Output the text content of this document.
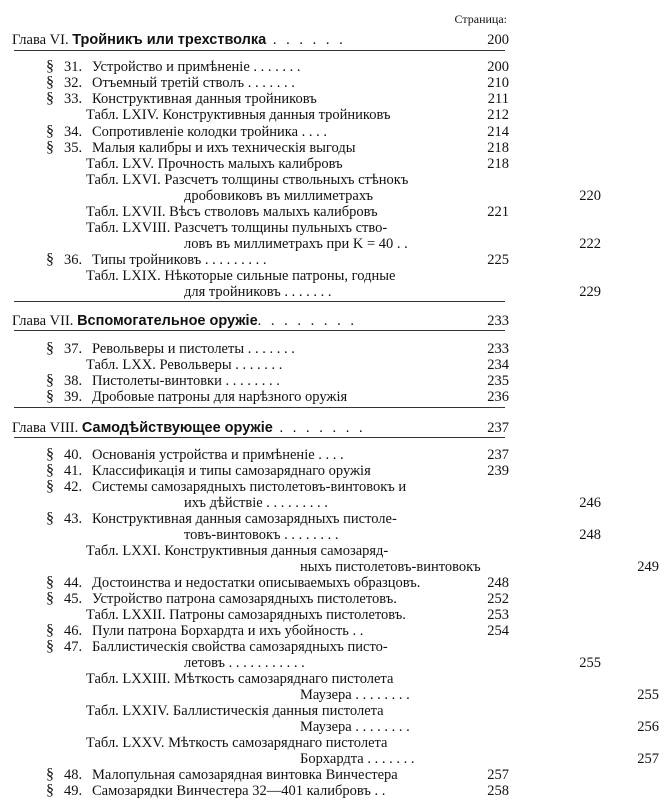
Страница:
Глава VI. Тройникъ или трехстволка . . . . . .	200
§ 31. Устройство и примѣненіе . . . . . . .	200
§ 32. Отъемный третій стволъ . . . . . . .	210
§ 33. Конструктивная данныя тройниковъ	211
Табл. LXIV. Конструктивныя данныя тройниковъ	212
§ 34. Сопротивленіе колодки тройника . . . .	214
§ 35. Малыя калибры и ихъ техническія выгоды	218
Табл. LXV. Прочность малыхъ калибровъ	218
Табл. LXVI. Разсчетъ толщины ствольныхъ стѣнокъ
дробовиковъ въ миллиметрахъ	220
Табл. LXVII. Вѣсъ стволовъ малыхъ калибровъ	221
Табл. LXVIII. Разсчетъ толщины пульныхъ ство-
ловъ въ миллиметрахъ при K = 40 . .	222
§ 36. Типы тройниковъ . . . . . . . . .	225
Табл. LXIX. Нѣкоторые сильные патроны, годные
для тройниковъ . . . . . . .	229
Глава VII. Вспомогательное оружіе. . . . . . . .	233
§ 37. Револьверы и пистолеты . . . . . . .	233
Табл. LXX. Револьверы . . . . . . .	234
§ 38. Пистолеты-винтовки . . . . . . . .	235
§ 39. Дробовые патроны для нарѣзного оружія	236
Глава VIII. Самодѣйствующее оружіе . . . . . . .	237
§ 40. Основанія устройства и примѣненіе . . . .	237
§ 41. Классификація и типы самозаряднаго оружія	239
§ 42. Системы самозарядныхъ пистолетовъ-винтовокъ и
ихъ дѣйствіе . . . . . . . . .	246
§ 43. Конструктивная данныя самозарядныхъ пистоле-
товъ-винтовокъ . . . . . . . .	248
Табл. LXXI. Конструктивныя данныя самозаряд-
ныхъ пистолетовъ-винтовокъ	249
§ 44. Достоинства и недостатки описываемыхъ образцовъ.	248
§ 45. Устройство патрона самозарядныхъ пистолетовъ.	252
Табл. LXXII. Патроны самозарядныхъ пистолетовъ.	253
§ 46. Пули патрона Борхардта и ихъ убойность . .	254
§ 47. Баллистическія свойства самозарядныхъ писто-
летовъ . . . . . . . . . . .	255
Табл. LXXIII. Мѣткость самозаряднаго пистолета
Маузера . . . . . . . .	255
Табл. LXXIV. Баллистическія данныя пистолета
Маузера . . . . . . . .	256
Табл. LXXV. Мѣткость самозаряднаго пистолета
Борхардта . . . . . . .	257
§ 48. Малопульная самозарядная винтовка Винчестера	257
§ 49. Самозарядки Винчестера 32—401 калибровъ . .	258
